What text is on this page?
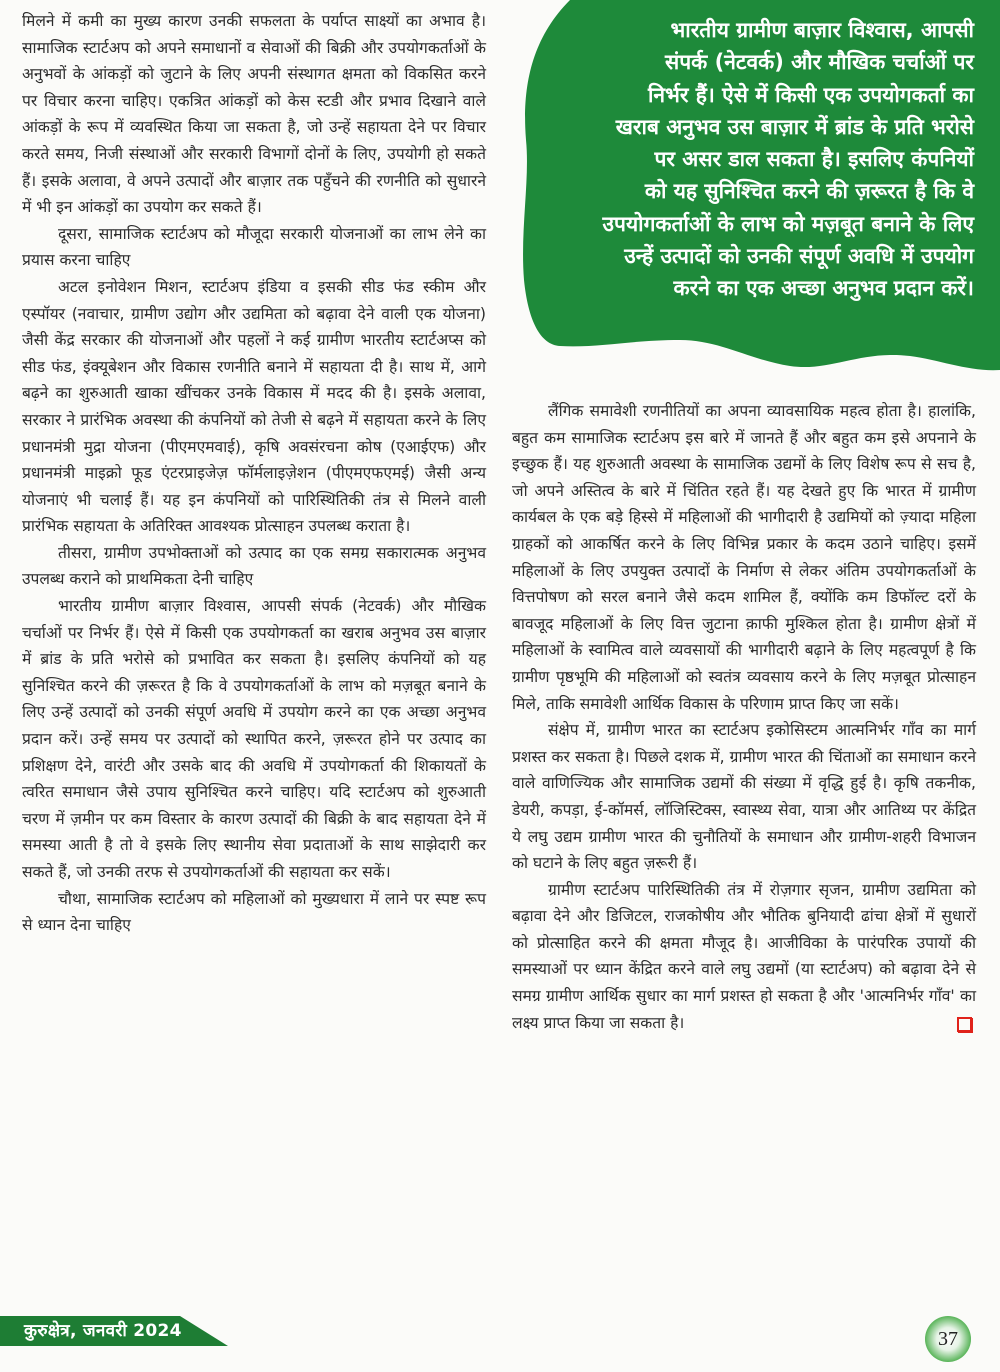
भारतीय ग्रामीण बाज़ार विश्वास, आपसी
संपर्क (नेटवर्क) और मौखिक चर्चाओं पर
निर्भर हैं। ऐसे में किसी एक उपयोगकर्ता का
खराब अनुभव उस बाज़ार में ब्रांड के प्रति भरोसे
पर असर डाल सकता है। इसलिए कंपनियों
को यह सुनिश्चित करने की ज़रूरत है कि वे
उपयोगकर्ताओं के लाभ को मज़बूत बनाने के लिए
उन्हें उत्पादों को उनकी संपूर्ण अवधि में उपयोग
करने का एक अच्छा अनुभव प्रदान करें।

मिलने में कमी का मुख्य कारण उनकी सफलता के पर्याप्त साक्ष्यों का अभाव है। सामाजिक स्टार्टअप को अपने समाधानों व सेवाओं की बिक्री और उपयोगकर्ताओं के अनुभवों के आंकड़ों को जुटाने के लिए अपनी संस्थागत क्षमता को विकसित करने पर विचार करना चाहिए। एकत्रित आंकड़ों को केस स्टडी और प्रभाव दिखाने वाले आंकड़ों के रूप में व्यवस्थित किया जा सकता है, जो उन्हें सहायता देने पर विचार करते समय, निजी संस्थाओं और सरकारी विभागों दोनों के लिए, उपयोगी हो सकते हैं। इसके अलावा, वे अपने उत्पादों और बाज़ार तक पहुँचने की रणनीति को सुधारने में भी इन आंकड़ों का उपयोग कर सकते हैं।

दूसरा, सामाजिक स्टार्टअप को मौजूदा सरकारी योजनाओं का लाभ लेने का प्रयास करना चाहिए

अटल इनोवेशन मिशन, स्टार्टअप इंडिया व इसकी सीड फंड स्कीम और एस्पॉयर (नवाचार, ग्रामीण उद्योग और उद्यमिता को बढ़ावा देने वाली एक योजना) जैसी केंद्र सरकार की योजनाओं और पहलों ने कई ग्रामीण भारतीय स्टार्टअप्स को सीड फंड, इंक्यूबेशन और विकास रणनीति बनाने में सहायता दी है। साथ में, आगे बढ़ने का शुरुआती खाका खींचकर उनके विकास में मदद की है। इसके अलावा, सरकार ने प्रारंभिक अवस्था की कंपनियों को तेजी से बढ़ने में सहायता करने के लिए प्रधानमंत्री मुद्रा योजना (पीएमएमवाई), कृषि अवसंरचना कोष (एआईएफ) और प्रधानमंत्री माइक्रो फूड एंटरप्राइजेज़ फॉर्मलाइज़ेशन (पीएमएफएमई) जैसी अन्य योजनाएं भी चलाई हैं। यह इन कंपनियों को पारिस्थितिकी तंत्र से मिलने वाली प्रारंभिक सहायता के अतिरिक्त आवश्यक प्रोत्साहन उपलब्ध कराता है।

तीसरा, ग्रामीण उपभोक्ताओं को उत्पाद का एक समग्र सकारात्मक अनुभव उपलब्ध कराने को प्राथमिकता देनी चाहिए

भारतीय ग्रामीण बाज़ार विश्वास, आपसी संपर्क (नेटवर्क) और मौखिक चर्चाओं पर निर्भर हैं। ऐसे में किसी एक उपयोगकर्ता का खराब अनुभव उस बाज़ार में ब्रांड के प्रति भरोसे को प्रभावित कर सकता है। इसलिए कंपनियों को यह सुनिश्चित करने की ज़रूरत है कि वे उपयोगकर्ताओं के लाभ को मज़बूत बनाने के लिए उन्हें उत्पादों को उनकी संपूर्ण अवधि में उपयोग करने का एक अच्छा अनुभव प्रदान करें। उन्हें समय पर उत्पादों को स्थापित करने, ज़रूरत होने पर उत्पाद का प्रशिक्षण देने, वारंटी और उसके बाद की अवधि में उपयोगकर्ता की शिकायतों के त्वरित समाधान जैसे उपाय सुनिश्चित करने चाहिए। यदि स्टार्टअप को शुरुआती चरण में ज़मीन पर कम विस्तार के कारण उत्पादों की बिक्री के बाद सहायता देने में समस्या आती है तो वे इसके लिए स्थानीय सेवा प्रदाताओं के साथ साझेदारी कर सकते हैं, जो उनकी तरफ से उपयोगकर्ताओं की सहायता कर सकें।

चौथा, सामाजिक स्टार्टअप को महिलाओं को मुख्यधारा में लाने पर स्पष्ट रूप से ध्यान देना चाहिए

लैंगिक समावेशी रणनीतियों का अपना व्यावसायिक महत्व होता है। हालांकि, बहुत कम सामाजिक स्टार्टअप इस बारे में जानते हैं और बहुत कम इसे अपनाने के इच्छुक हैं। यह शुरुआती अवस्था के सामाजिक उद्यमों के लिए विशेष रूप से सच है, जो अपने अस्तित्व के बारे में चिंतित रहते हैं। यह देखते हुए कि भारत में ग्रामीण कार्यबल के एक बड़े हिस्से में महिलाओं की भागीदारी है उद्यमियों को ज़्यादा महिला ग्राहकों को आकर्षित करने के लिए विभिन्न प्रकार के कदम उठाने चाहिए। इसमें महिलाओं के लिए उपयुक्त उत्पादों के निर्माण से लेकर अंतिम उपयोगकर्ताओं के वित्तपोषण को सरल बनाने जैसे कदम शामिल हैं, क्योंकि कम डिफॉल्ट दरों के बावजूद महिलाओं के लिए वित्त जुटाना क़ाफी मुश्किल होता है। ग्रामीण क्षेत्रों में महिलाओं के स्वामित्व वाले व्यवसायों की भागीदारी बढ़ाने के लिए महत्वपूर्ण है कि ग्रामीण पृष्ठभूमि की महिलाओं को स्वतंत्र व्यवसाय करने के लिए मज़बूत प्रोत्साहन मिले, ताकि समावेशी आर्थिक विकास के परिणाम प्राप्त किए जा सकें।

संक्षेप में, ग्रामीण भारत का स्टार्टअप इकोसिस्टम आत्मनिर्भर गाँव का मार्ग प्रशस्त कर सकता है। पिछले दशक में, ग्रामीण भारत की चिंताओं का समाधान करने वाले वाणिज्यिक और सामाजिक उद्यमों की संख्या में वृद्धि हुई है। कृषि तकनीक, डेयरी, कपड़ा, ई-कॉमर्स, लॉजिस्टिक्स, स्वास्थ्य सेवा, यात्रा और आतिथ्य पर केंद्रित ये लघु उद्यम ग्रामीण भारत की चुनौतियों के समाधान और ग्रामीण-शहरी विभाजन को घटाने के लिए बहुत ज़रूरी हैं।

ग्रामीण स्टार्टअप पारिस्थितिकी तंत्र में रोज़गार सृजन, ग्रामीण उद्यमिता को बढ़ावा देने और डिजिटल, राजकोषीय और भौतिक बुनियादी ढांचा क्षेत्रों में सुधारों को प्रोत्साहित करने की क्षमता मौजूद है। आजीविका के पारंपरिक उपायों की समस्याओं पर ध्यान केंद्रित करने वाले लघु उद्यमों (या स्टार्टअप) को बढ़ावा देने से समग्र ग्रामीण आर्थिक सुधार का मार्ग प्रशस्त हो सकता है और 'आत्मनिर्भर गाँव' का लक्ष्य प्राप्त किया जा सकता है।

कुरुक्षेत्र, जनवरी 2024	37
